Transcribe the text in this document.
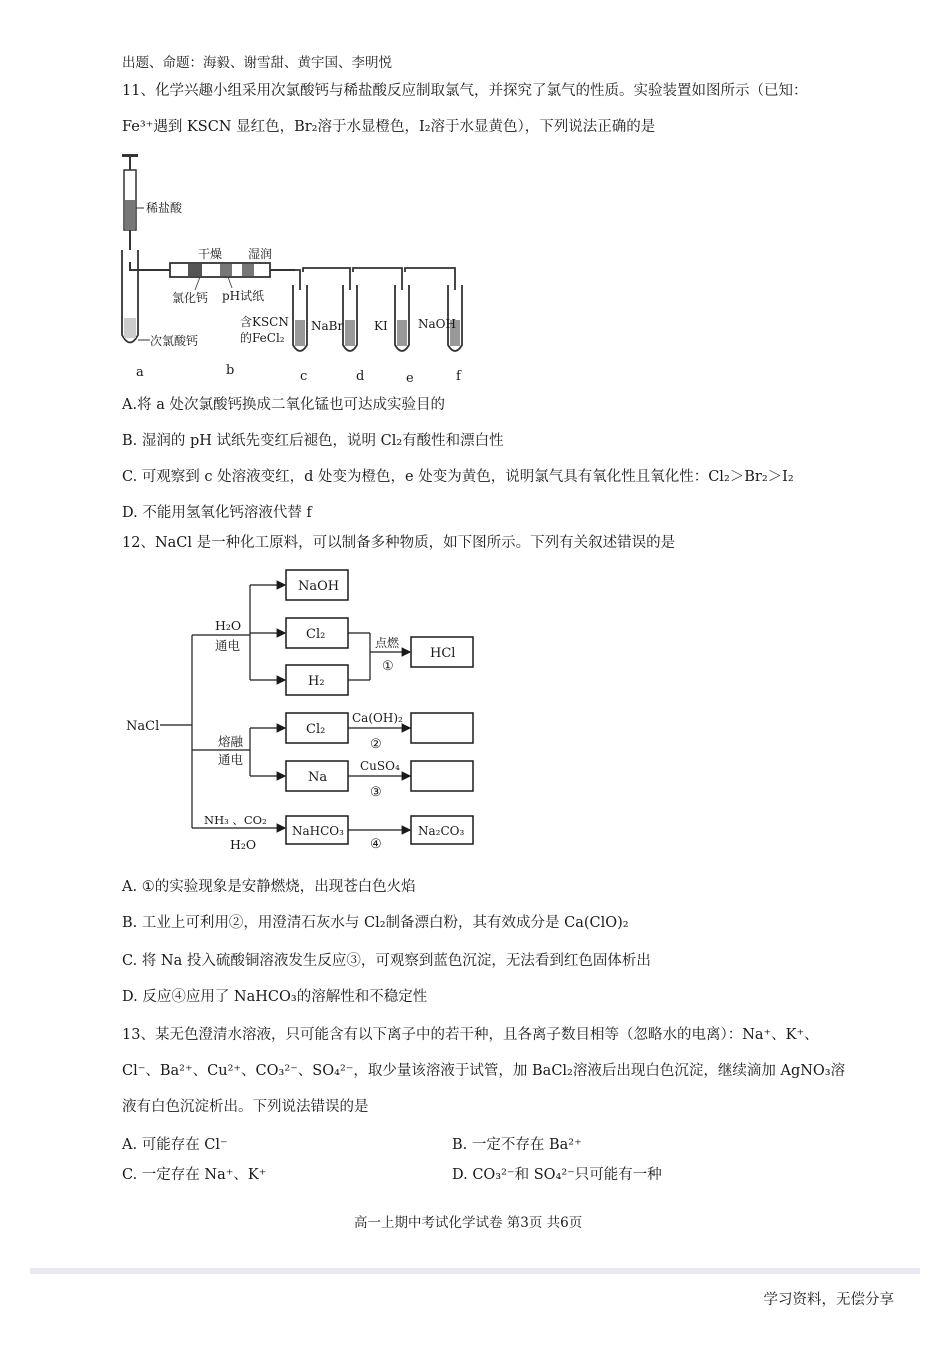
出题、命题：海毅、谢雪甜、黄宇国、李明悦
11、化学兴趣小组采用次氯酸钙与稀盐酸反应制取氯气，并探究了氯气的性质。实验装置如图所示（已知：
Fe³⁺遇到 KSCN 显红色，Br₂溶于水显橙色，I₂溶于水显黄色），下列说法正确的是
稀盐酸
次氯酸钙
干燥 湿润
氯化钙 pH试纸
含KSCN
的FeCl₂
NaBr	KI	NaOH
a	b	c	d	e	f
A.将 a 处次氯酸钙换成二氧化锰也可达成实验目的
B. 湿润的 pH 试纸先变红后褪色，说明 Cl₂有酸性和漂白性
C. 可观察到 c 处溶液变红，d 处变为橙色，e 处变为黄色，说明氯气具有氧化性且氧化性：Cl₂＞Br₂＞I₂
D. 不能用氢氧化钙溶液代替 f
12、NaCl 是一种化工原料，可以制备多种物质，如下图所示。下列有关叙述错误的是
NaCl
H₂O
通电
NaOH
Cl₂
H₂
点燃
①
HCl
熔融
通电
Cl₂
Na
Ca(OH)₂
②
CuSO₄
③
NH₃ 、CO₂
H₂O
NaHCO₃
④
Na₂CO₃
A. ①的实验现象是安静燃烧，出现苍白色火焰
B. 工业上可利用②，用澄清石灰水与 Cl₂制备漂白粉，其有效成分是 Ca(ClO)₂
C. 将 Na 投入硫酸铜溶液发生反应③，可观察到蓝色沉淀，无法看到红色固体析出
D. 反应④应用了 NaHCO₃的溶解性和不稳定性
13、某无色澄清水溶液，只可能含有以下离子中的若干种，且各离子数目相等（忽略水的电离）：Na⁺、K⁺、
Cl⁻、Ba²⁺、Cu²⁺、CO₃²⁻、SO₄²⁻，取少量该溶液于试管，加 BaCl₂溶液后出现白色沉淀，继续滴加 AgNO₃溶
液有白色沉淀析出。下列说法错误的是
A. 可能存在 Cl⁻	B. 一定不存在 Ba²⁺
C. 一定存在 Na⁺、K⁺	D. CO₃²⁻和 SO₄²⁻只可能有一种
高一上期中考试化学试卷 第3页 共6页
学习资料，无偿分享
